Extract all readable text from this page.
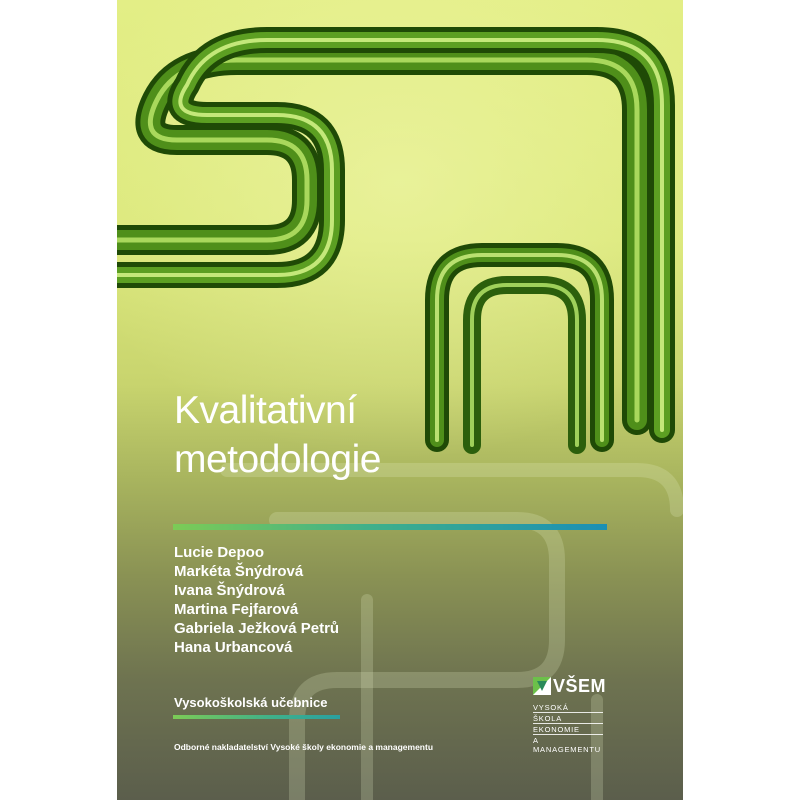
Kvalitativní
metodologie
Lucie Depoo
Markéta Šnýdrová
Ivana Šnýdrová
Martina Fejfarová
Gabriela Ježková Petrů
Hana Urbancová
Vysokoškolská učebnice
Odborné nakladatelství Vysoké školy ekonomie a managementu
VŠEM
VYSOKÁ
ŠKOLA
EKONOMIE
A MANAGEMENTU
